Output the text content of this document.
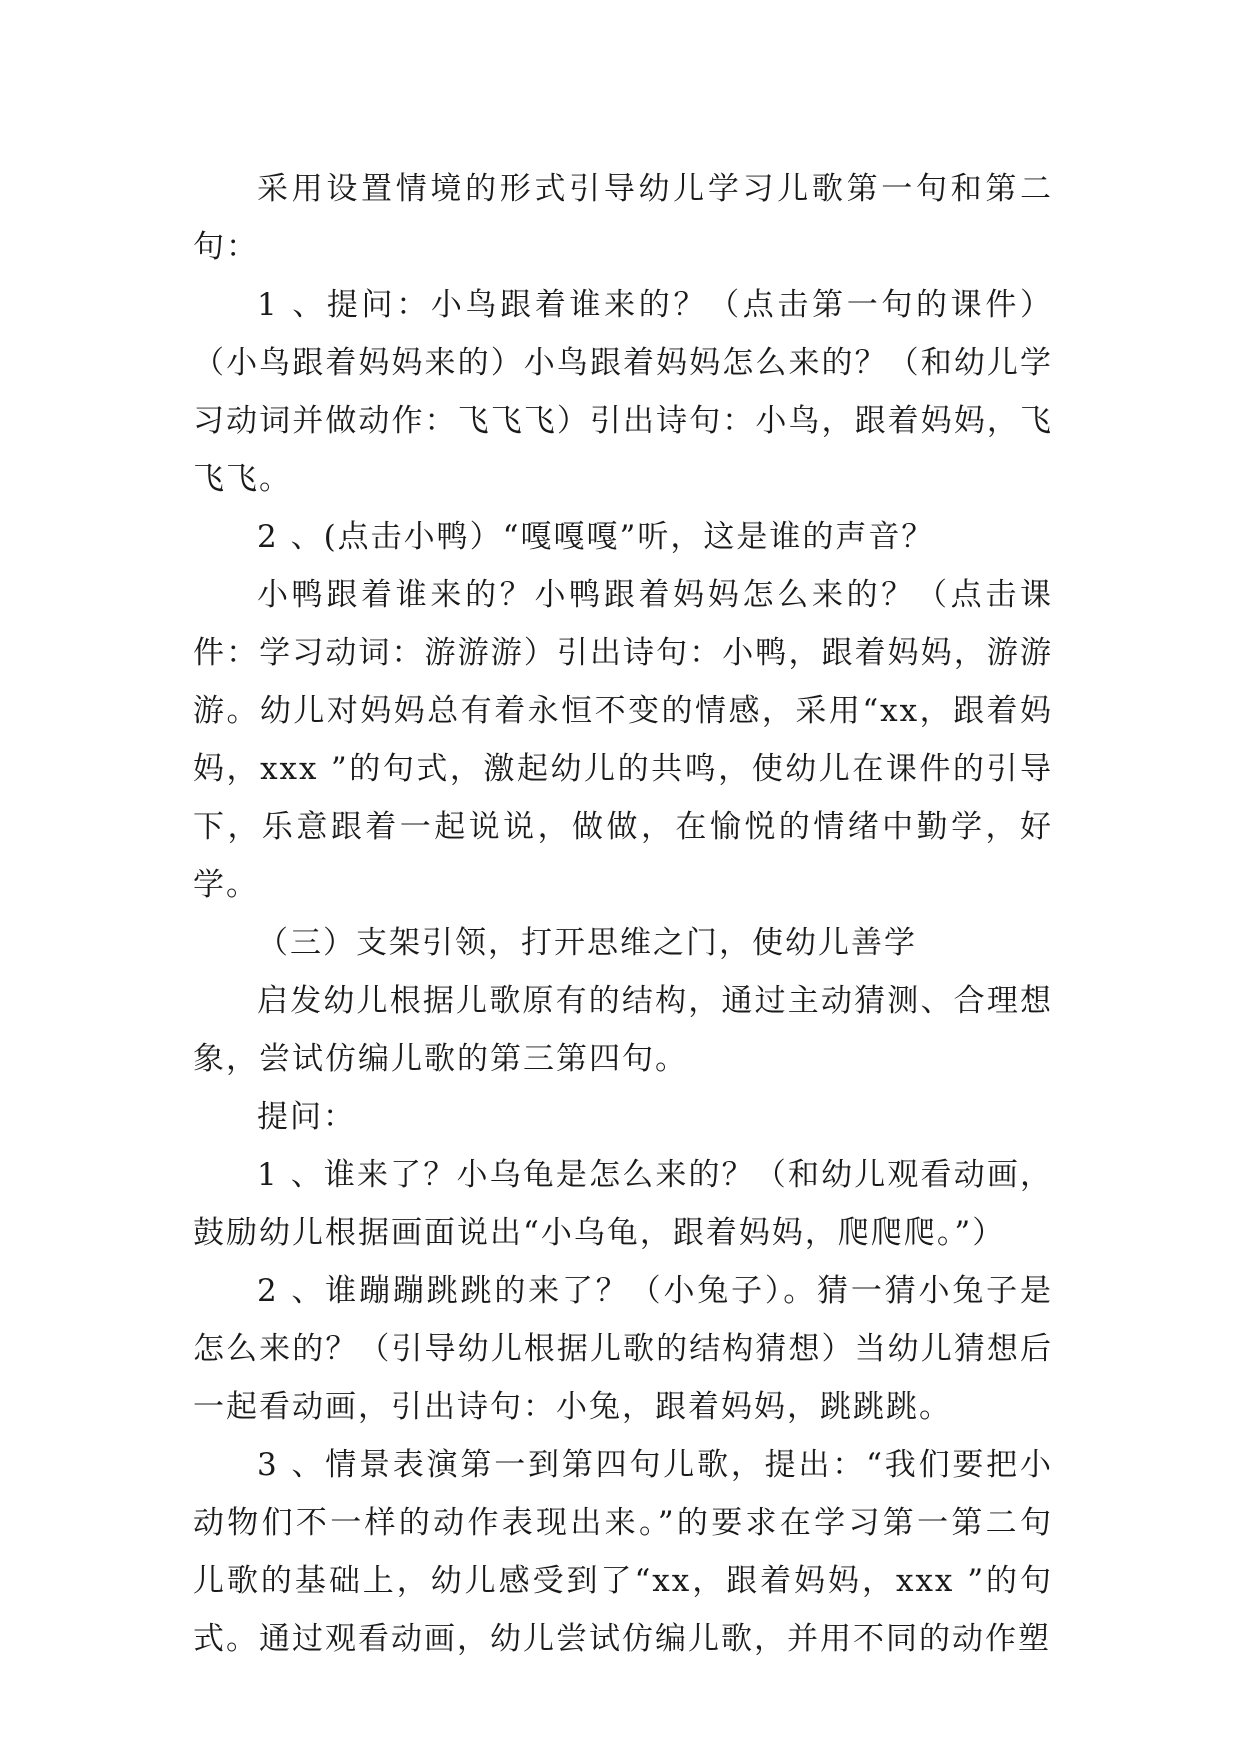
采用设置情境的形式引导幼儿学习儿歌第一句和第二句：

1 、提问：小鸟跟着谁来的？（点击第一句的课件）（小鸟跟着妈妈来的）小鸟跟着妈妈怎么来的？（和幼儿学习动词并做动作：飞飞飞）引出诗句：小鸟，跟着妈妈，飞飞飞。

2 、(点击小鸭）“嘎嘎嘎”听，这是谁的声音？

小鸭跟着谁来的？小鸭跟着妈妈怎么来的？（点击课件：学习动词：游游游）引出诗句：小鸭，跟着妈妈，游游游。幼儿对妈妈总有着永恒不变的情感，采用“xx，跟着妈妈，xxx ”的句式，激起幼儿的共鸣，使幼儿在课件的引导下，乐意跟着一起说说，做做，在愉悦的情绪中勤学，好学。

（三）支架引领，打开思维之门，使幼儿善学

启发幼儿根据儿歌原有的结构，通过主动猜测、合理想象，尝试仿编儿歌的第三第四句。

提问：

1 、谁来了？小乌龟是怎么来的？（和幼儿观看动画，鼓励幼儿根据画面说出“小乌龟，跟着妈妈，爬爬爬。”）

2 、谁蹦蹦跳跳的来了？（小兔子）。猜一猜小兔子是怎么来的？（引导幼儿根据儿歌的结构猜想）当幼儿猜想后一起看动画，引出诗句：小兔，跟着妈妈，跳跳跳。

3 、情景表演第一到第四句儿歌，提出：“我们要把小动物们不一样的动作表现出来。”的要求在学习第一第二句儿歌的基础上，幼儿感受到了“xx，跟着妈妈，xxx ”的句式。通过观看动画，幼儿尝试仿编儿歌，并用不同的动作塑
